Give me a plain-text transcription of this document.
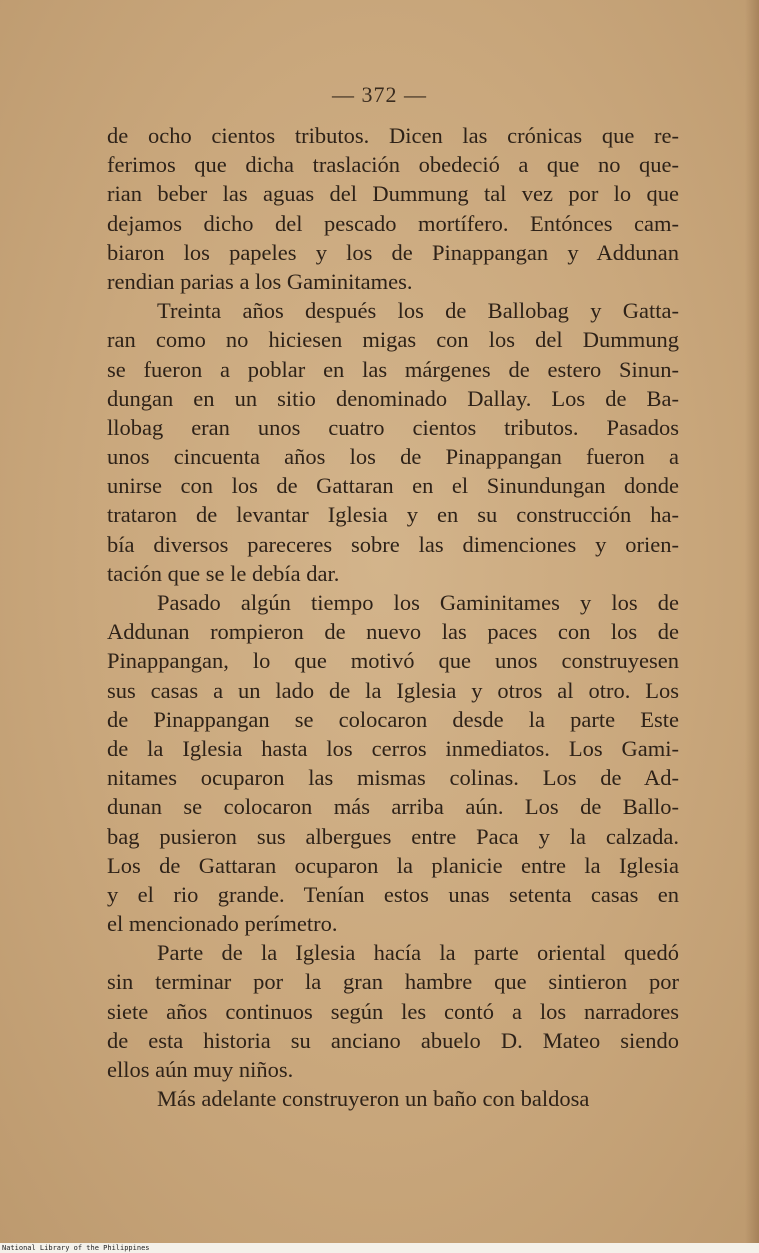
— 372 —
de ocho cientos tributos. Dicen las crónicas que re-
ferimos que dicha traslación obedeció a que no que-
rian beber las aguas del Dummung tal vez por lo que
dejamos dicho del pescado mortífero. Entónces cam-
biaron los papeles y los de Pinappangan y Addunan
rendian parias a los Gaminitames.
Treinta años después los de Ballobag y Gatta-
ran como no hiciesen migas con los del Dummung
se fueron a poblar en las márgenes de estero Sinun-
dungan en un sitio denominado Dallay. Los de Ba-
llobag eran unos cuatro cientos tributos. Pasados
unos cincuenta años los de Pinappangan fueron a
unirse con los de Gattaran en el Sinundungan donde
trataron de levantar Iglesia y en su construcción ha-
bía diversos pareceres sobre las dimenciones y orien-
tación que se le debía dar.
Pasado algún tiempo los Gaminitames y los de
Addunan rompieron de nuevo las paces con los de
Pinappangan, lo que motivó que unos construyesen
sus casas a un lado de la Iglesia y otros al otro. Los
de Pinappangan se colocaron desde la parte Este
de la Iglesia hasta los cerros inmediatos. Los Gami-
nitames ocuparon las mismas colinas. Los de Ad-
dunan se colocaron más arriba aún. Los de Ballo-
bag pusieron sus albergues entre Paca y la calzada.
Los de Gattaran ocuparon la planicie entre la Iglesia
y el rio grande. Tenían estos unas setenta casas en
el mencionado perímetro.
Parte de la Iglesia hacía la parte oriental quedó
sin terminar por la gran hambre que sintieron por
siete años continuos según les contó a los narradores
de esta historia su anciano abuelo D. Mateo siendo
ellos aún muy niños.
Más adelante construyeron un baño con baldosa
National Library of the Philippines
